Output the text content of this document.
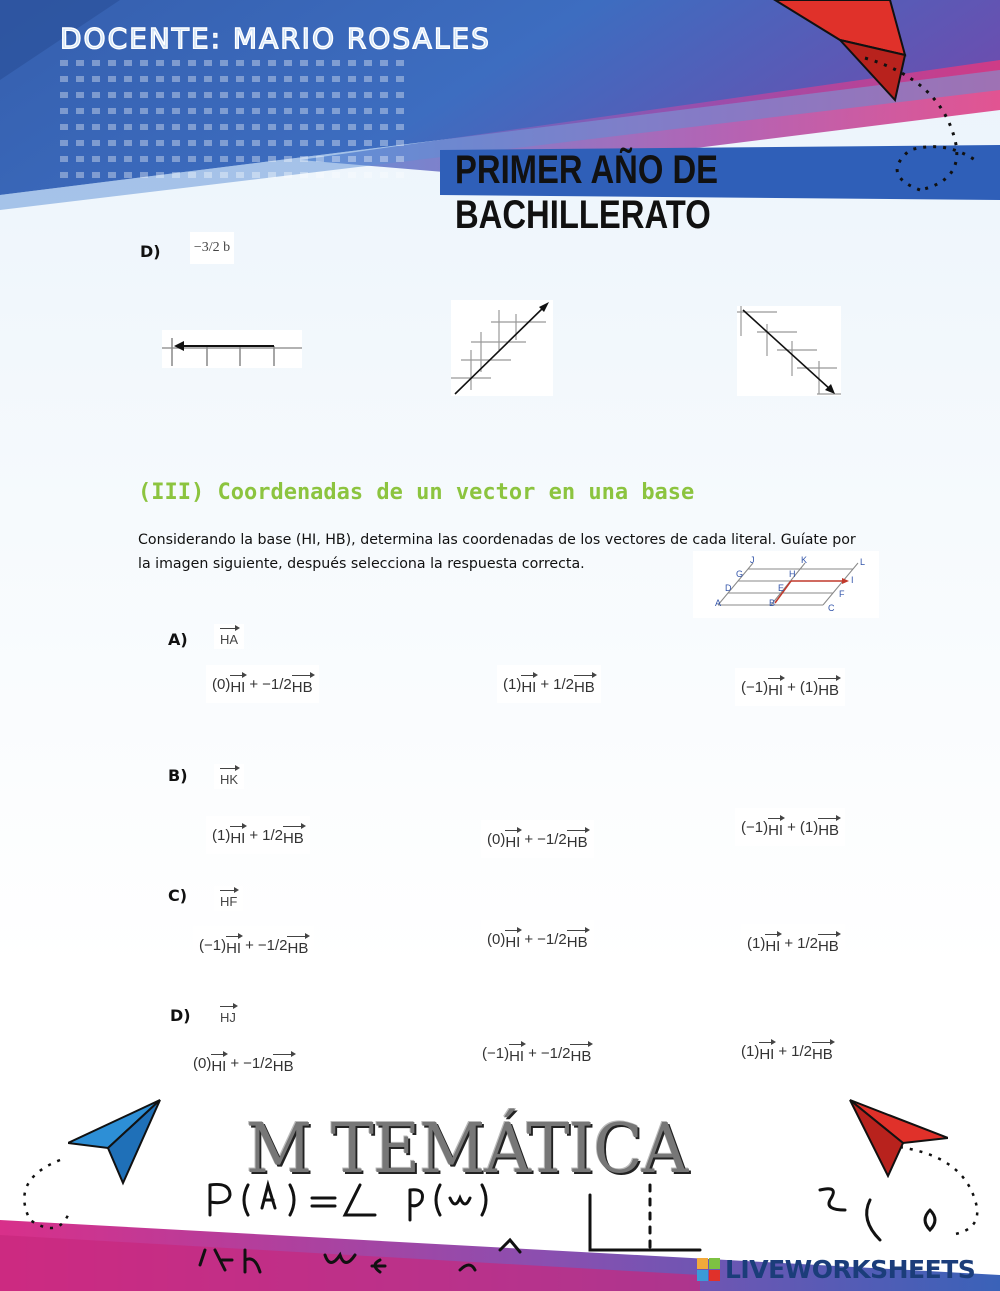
DOCENTE: MARIO ROSALES
PRIMER AÑO DE BACHILLERATO
D) −3/2 b
(III) Coordenadas de un vector en una base
Considerando la base (HI, HB), determina las coordenadas de los vectores de cada literal. Guíate por la imagen siguiente, después selecciona la respuesta correcta.	J	K	L
G	H
I
D	E
F
A	B	C
A)	HA
(0) HI + −1/2 HB	(1) HI + 1/2 HB	(−1) HI + (1) HB
B)	HK
(1) HI + 1/2 HB	(0) HI + −1/2 HB
(−1) HI + (1) HB
C)	HF
(−1) HI + −1/2 HB
(0) HI + −1/2 HB	(1) HI + 1/2 HB
D)	HJ
(0) HI + −1/2 HB
(−1) HI + −1/2 HB	(1) HI + 1/2 HB
M TEMÁTICA
LIVEWORKSHEETS
